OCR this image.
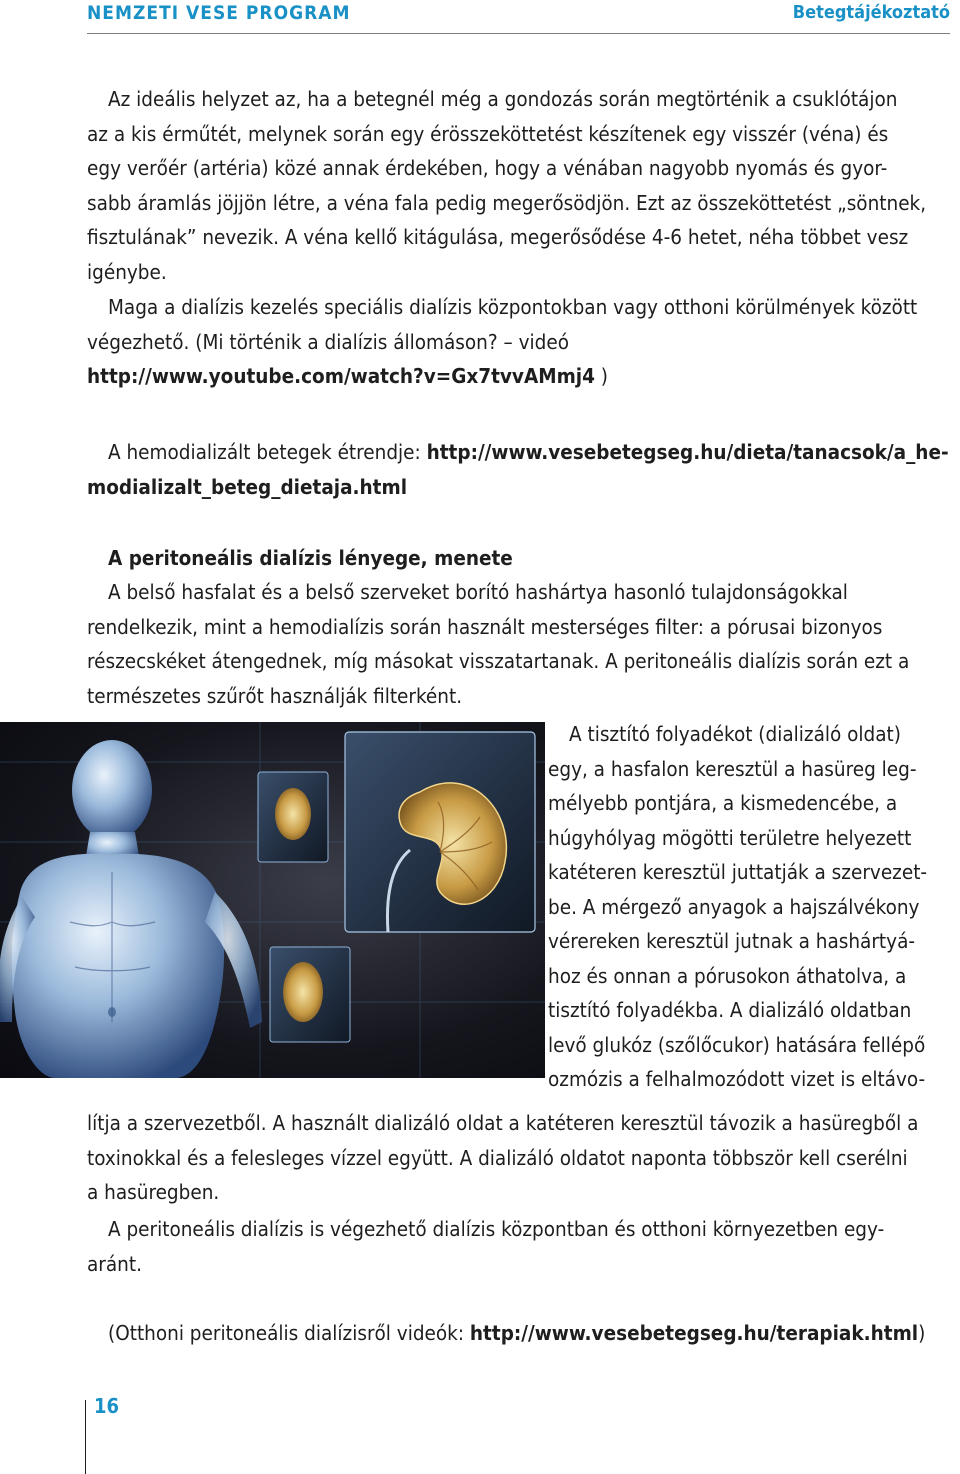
NEMZETI VESE PROGRAM	Betegtájékoztató

Az ideális helyzet az, ha a betegnél még a gondozás során megtörténik a csuklótájon
az a kis érműtét, melynek során egy érösszeköttetést készítenek egy visszér (véna) és
egy verőér (artéria) közé annak érdekében, hogy a vénában nagyobb nyomás és gyor-
sabb áramlás jöjjön létre, a véna fala pedig megerősödjön. Ezt az összeköttetést „söntnek,
fisztulának” nevezik. A véna kellő kitágulása, megerősődése 4-6 hetet, néha többet vesz
igénybe.

Maga a dialízis kezelés speciális dialízis központokban vagy otthoni körülmények között
végezhető. (Mi történik a dialízis állomáson? – videó
http://www.youtube.com/watch?v=Gx7tvvAMmj4 )

A hemodializált betegek étrendje: http://www.vesebetegseg.hu/dieta/tanacsok/a_he-
modializalt_beteg_dietaja.html

A peritoneális dialízis lényege, menete

A belső hasfalat és a belső szerveket borító hashártya hasonló tulajdonságokkal
rendelkezik, mint a hemodialízis során használt mesterséges filter: a pórusai bizonyos
részecskéket átengednek, míg másokat visszatartanak. A peritoneális dialízis során ezt a
természetes szűrőt használják filterként.

A tisztító folyadékot (dializáló oldat)
egy, a hasfalon keresztül a hasüreg leg-
mélyebb pontjára, a kismedencébe, a
húgyhólyag mögötti területre helyezett
katéteren keresztül juttatják a szervezet-
be. A mérgező anyagok a hajszálvékony
vérereken keresztül jutnak a hashártyá-
hoz és onnan a pórusokon áthatolva, a
tisztító folyadékba. A dializáló oldatban
levő glukóz (szőlőcukor) hatására fellépő
ozmózis a felhalmozódott vizet is eltávo-

lítja a szervezetből. A használt dializáló oldat a katéteren keresztül távozik a hasüregből a
toxinokkal és a felesleges vízzel együtt. A dializáló oldatot naponta többször kell cserélni
a hasüregben.

A peritoneális dialízis is végezhető dialízis központban és otthoni környezetben egy-
aránt.

(Otthoni peritoneális dialízisről videók: http://www.vesebetegseg.hu/terapiak.html)

16
